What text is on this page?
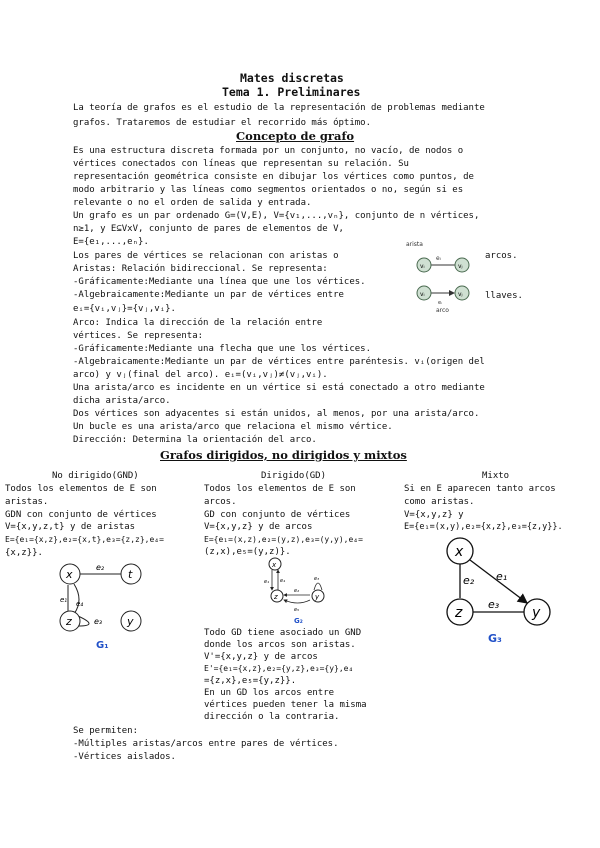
Mates discretas
Tema 1. Preliminares
La teoría de grafos es el estudio de la representación de problemas mediante
grafos. Trataremos de estudiar el recorrido más óptimo.
Concepto de grafo
Es una estructura discreta formada por un conjunto, no vacío, de nodos o
vértices conectados con líneas que representan su relación. Su
representación geométrica consiste en dibujar los vértices como puntos, de
modo arbitrario y las líneas como segmentos orientados o no, según si es
relevante o no el orden de salida y entrada.
Un grafo es un par ordenado G=(V,E), V={v₁,...,vₙ}, conjunto de n vértices,
n≥1, y E⊆VxV, conjunto de pares de elementos de V,
E={e₁,...,eₙ}.
Los pares de vértices se relacionan con aristas o
Aristas: Relación bidireccional. Se representa:
-Gráficamente:Mediante una línea que une los vértices.
-Algebraicamente:Mediante un par de vértices entre
eᵢ={vᵢ,vⱼ}={vⱼ,vᵢ}.
Arco: Indica la dirección de la relación entre
vértices. Se representa:
-Gráficamente:Mediante una flecha que une los vértices.
-Algebraicamente:Mediante un par de vértices entre paréntesis. vᵢ(origen del
arco) y vⱼ(final del arco). eᵢ=(vᵢ,vⱼ)≠(vⱼ,vᵢ).
Una arista/arco es incidente en un vértice si está conectado a otro mediante
dicha arista/arco.
Dos vértices son adyacentes si están unidos, al menos, por una arista/arco.
Un bucle es una arista/arco que relaciona el mismo vértice.
Dirección: Determina la orientación del arco.
arcos.
llaves.
arista
eᵢ
vᵢ	vⱼ
vᵢ	vⱼ
eᵢ
arco
Grafos dirigidos, no dirigidos y mixtos
No dirigido(GND)
Todos los elementos de E son
aristas.
GDN con conjunto de vértices
V={x,y,z,t} y de aristas
E={e₁={x,z},e₂={x,t},e₃={z,z},e₄=
{x,z}}.
x	t
z	y
e₂
e₁ e₄
e₃
G₁
Dirigido(GD)
Todos los elementos de E son
arcos.
GD con conjunto de vértices
V={x,y,z} y de arcos
E={e₁=(x,z),e₂=(y,z),e₃=(y,y),e₄=
(z,x),e₅=(y,z)}.
x
z	y
e₁ e₄
e₂
e₃
e₅
G₂
Todo GD tiene asociado un GND
donde los arcos son aristas.
V'={x,y,z} y de arcos
E'={e₁={x,z},e₂={y,z},e₃={y},e₄
={z,x},e₅={y,z}}.
En un GD los arcos entre
vértices pueden tener la misma
dirección o la contraria.
Mixto
Si en E aparecen tanto arcos
como aristas.
V={x,y,z} y
E={e₁=(x,y),e₂={x,z},e₃={z,y}}.
x
z	y
e₂ e₁
e₃
G₃
Se permiten:
-Múltiples aristas/arcos entre pares de vértices.
-Vértices aislados.
